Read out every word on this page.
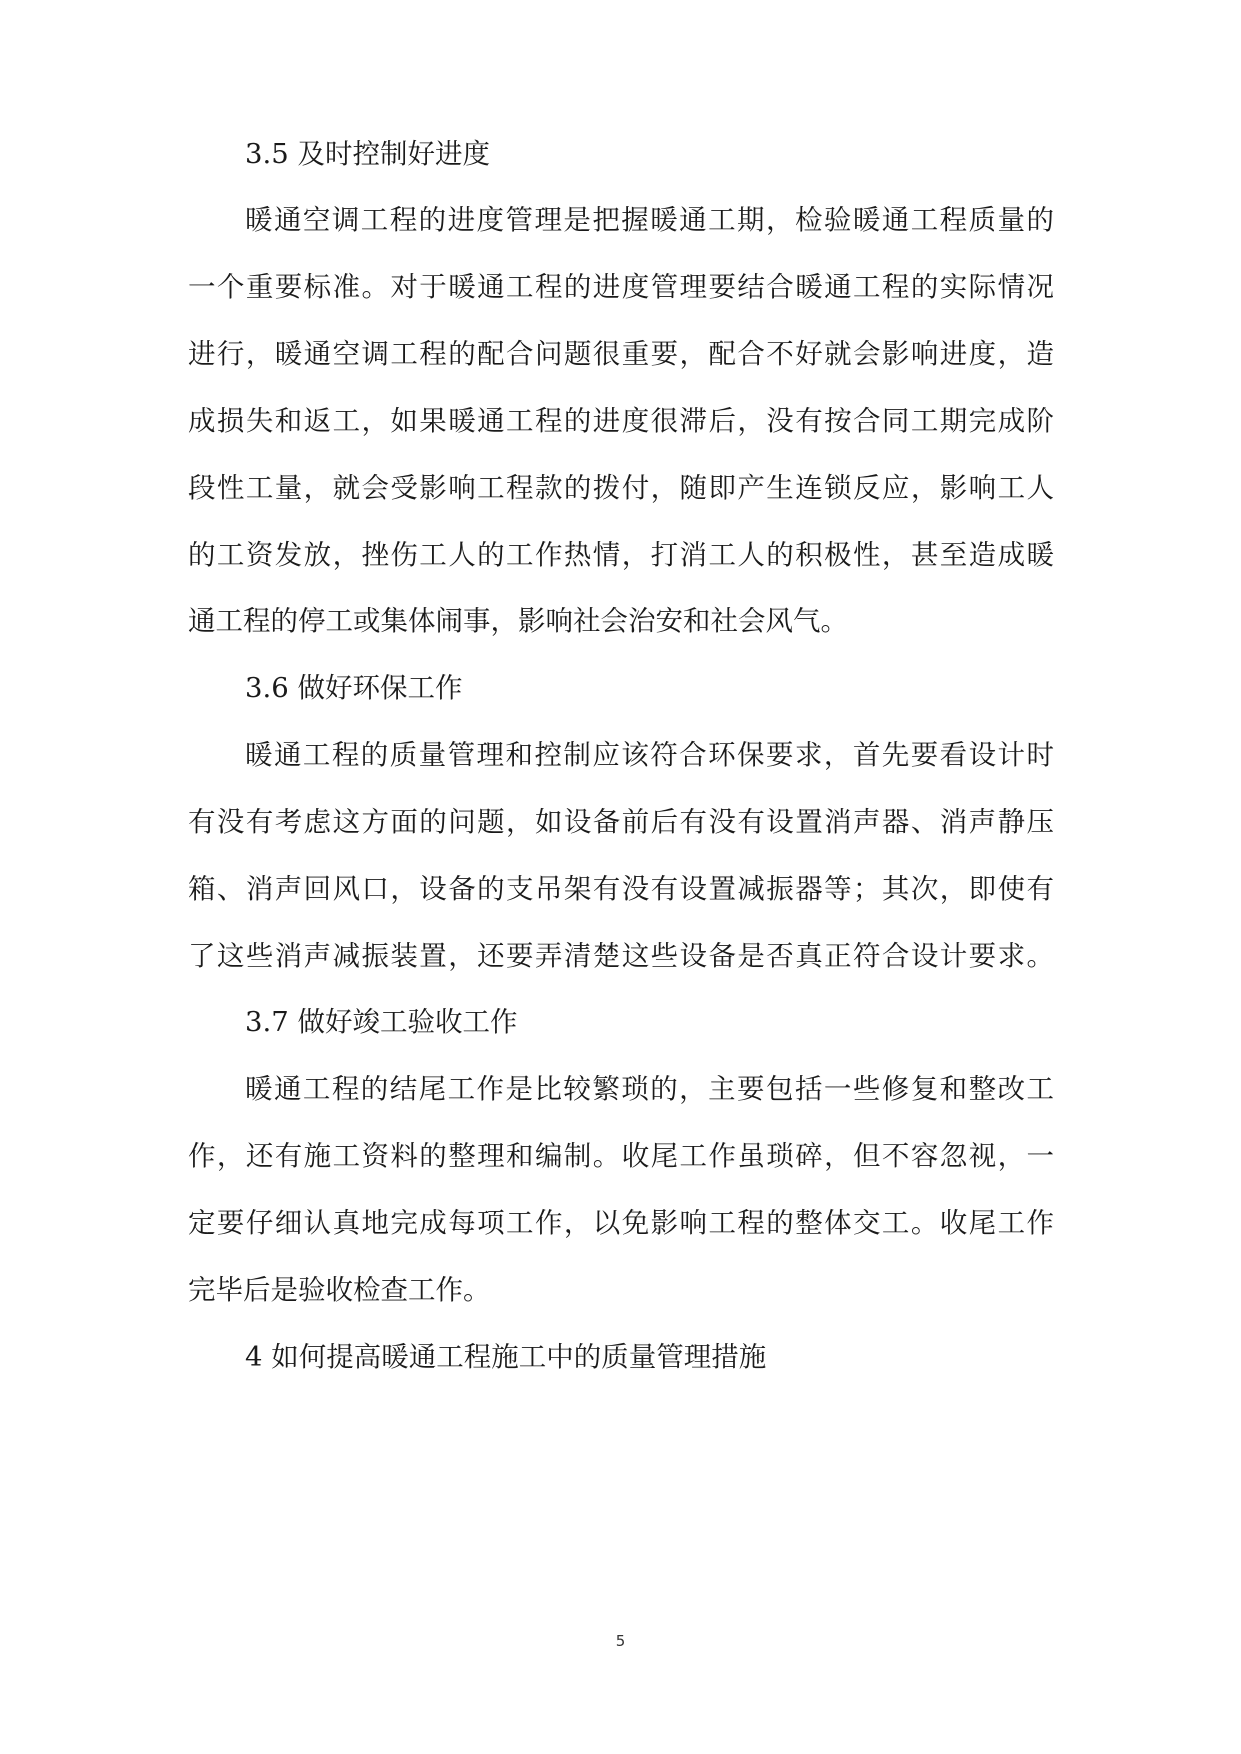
3.5 及时控制好进度
暖通空调工程的进度管理是把握暖通工期，检验暖通工程质量的
一个重要标准。对于暖通工程的进度管理要结合暖通工程的实际情况
进行，暖通空调工程的配合问题很重要，配合不好就会影响进度，造
成损失和返工，如果暖通工程的进度很滞后，没有按合同工期完成阶
段性工量，就会受影响工程款的拨付，随即产生连锁反应，影响工人
的工资发放，挫伤工人的工作热情，打消工人的积极性，甚至造成暖
通工程的停工或集体闹事，影响社会治安和社会风气。
3.6 做好环保工作
暖通工程的质量管理和控制应该符合环保要求，首先要看设计时
有没有考虑这方面的问题，如设备前后有没有设置消声器、消声静压
箱、消声回风口，设备的支吊架有没有设置减振器等；其次，即使有
了这些消声减振装置，还要弄清楚这些设备是否真正符合设计要求。
3.7 做好竣工验收工作
暖通工程的结尾工作是比较繁琐的，主要包括一些修复和整改工
作，还有施工资料的整理和编制。收尾工作虽琐碎，但不容忽视，一
定要仔细认真地完成每项工作，以免影响工程的整体交工。收尾工作
完毕后是验收检查工作。
4 如何提高暖通工程施工中的质量管理措施
5
